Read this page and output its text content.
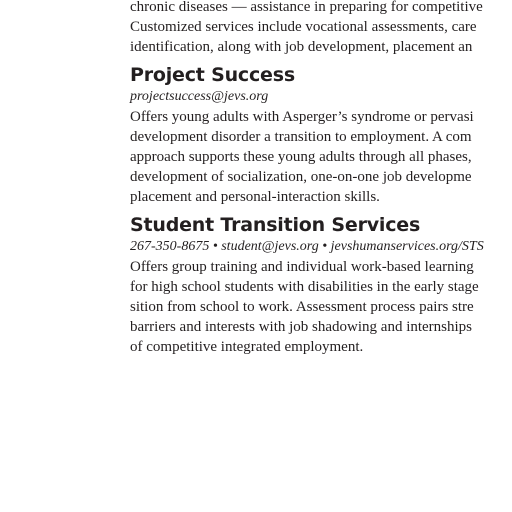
chronic diseases — assistance in preparing for competitive
Customized services include vocational assessments, care
identification, along with job development, placement an
Project Success
projectsuccess@jevs.org
Offers young adults with Asperger’s syndrome or pervasi
development disorder a transition to employment. A com
approach supports these young adults through all phases,
development of socialization, one-on-one job developme
placement and personal-interaction skills.
Student Transition Services
267-350-8675 • student@jevs.org • jevshumanservices.org/STS
Offers group training and individual work-based learning
for high school students with disabilities in the early stage
sition from school to work. Assessment process pairs stre
barriers and interests with job shadowing and internships
of competitive integrated employment.
